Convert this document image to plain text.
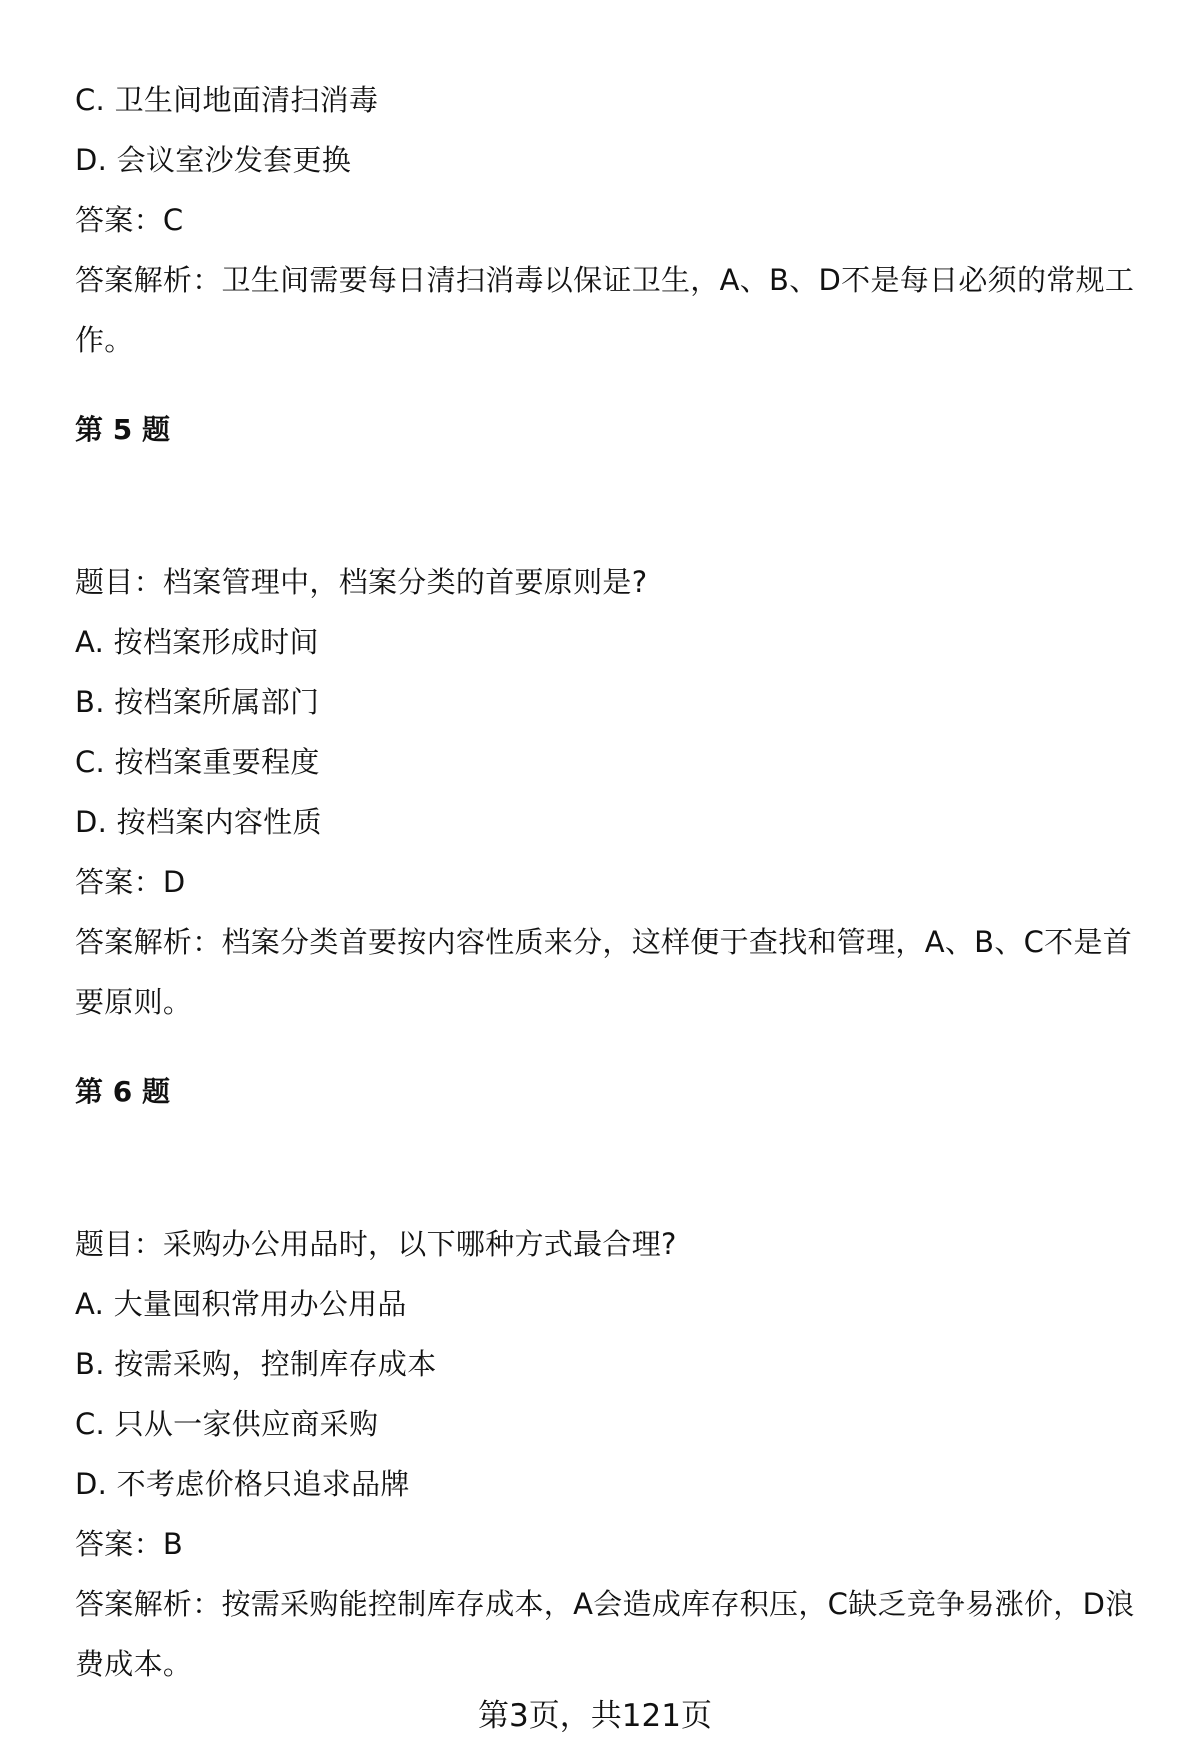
C. 卫生间地面清扫消毒
D. 会议室沙发套更换
答案：C
答案解析：卫生间需要每日清扫消毒以保证卫生，A、B、D不是每日必须的常规工
作。
第 5 题
题目：档案管理中，档案分类的首要原则是?
A. 按档案形成时间
B. 按档案所属部门
C. 按档案重要程度
D. 按档案内容性质
答案：D
答案解析：档案分类首要按内容性质来分，这样便于查找和管理，A、B、C不是首
要原则。
第 6 题
题目：采购办公用品时，以下哪种方式最合理?
A. 大量囤积常用办公用品
B. 按需采购，控制库存成本
C. 只从一家供应商采购
D. 不考虑价格只追求品牌
答案：B
答案解析：按需采购能控制库存成本，A会造成库存积压，C缺乏竞争易涨价，D浪
费成本。
第3页，共121页
